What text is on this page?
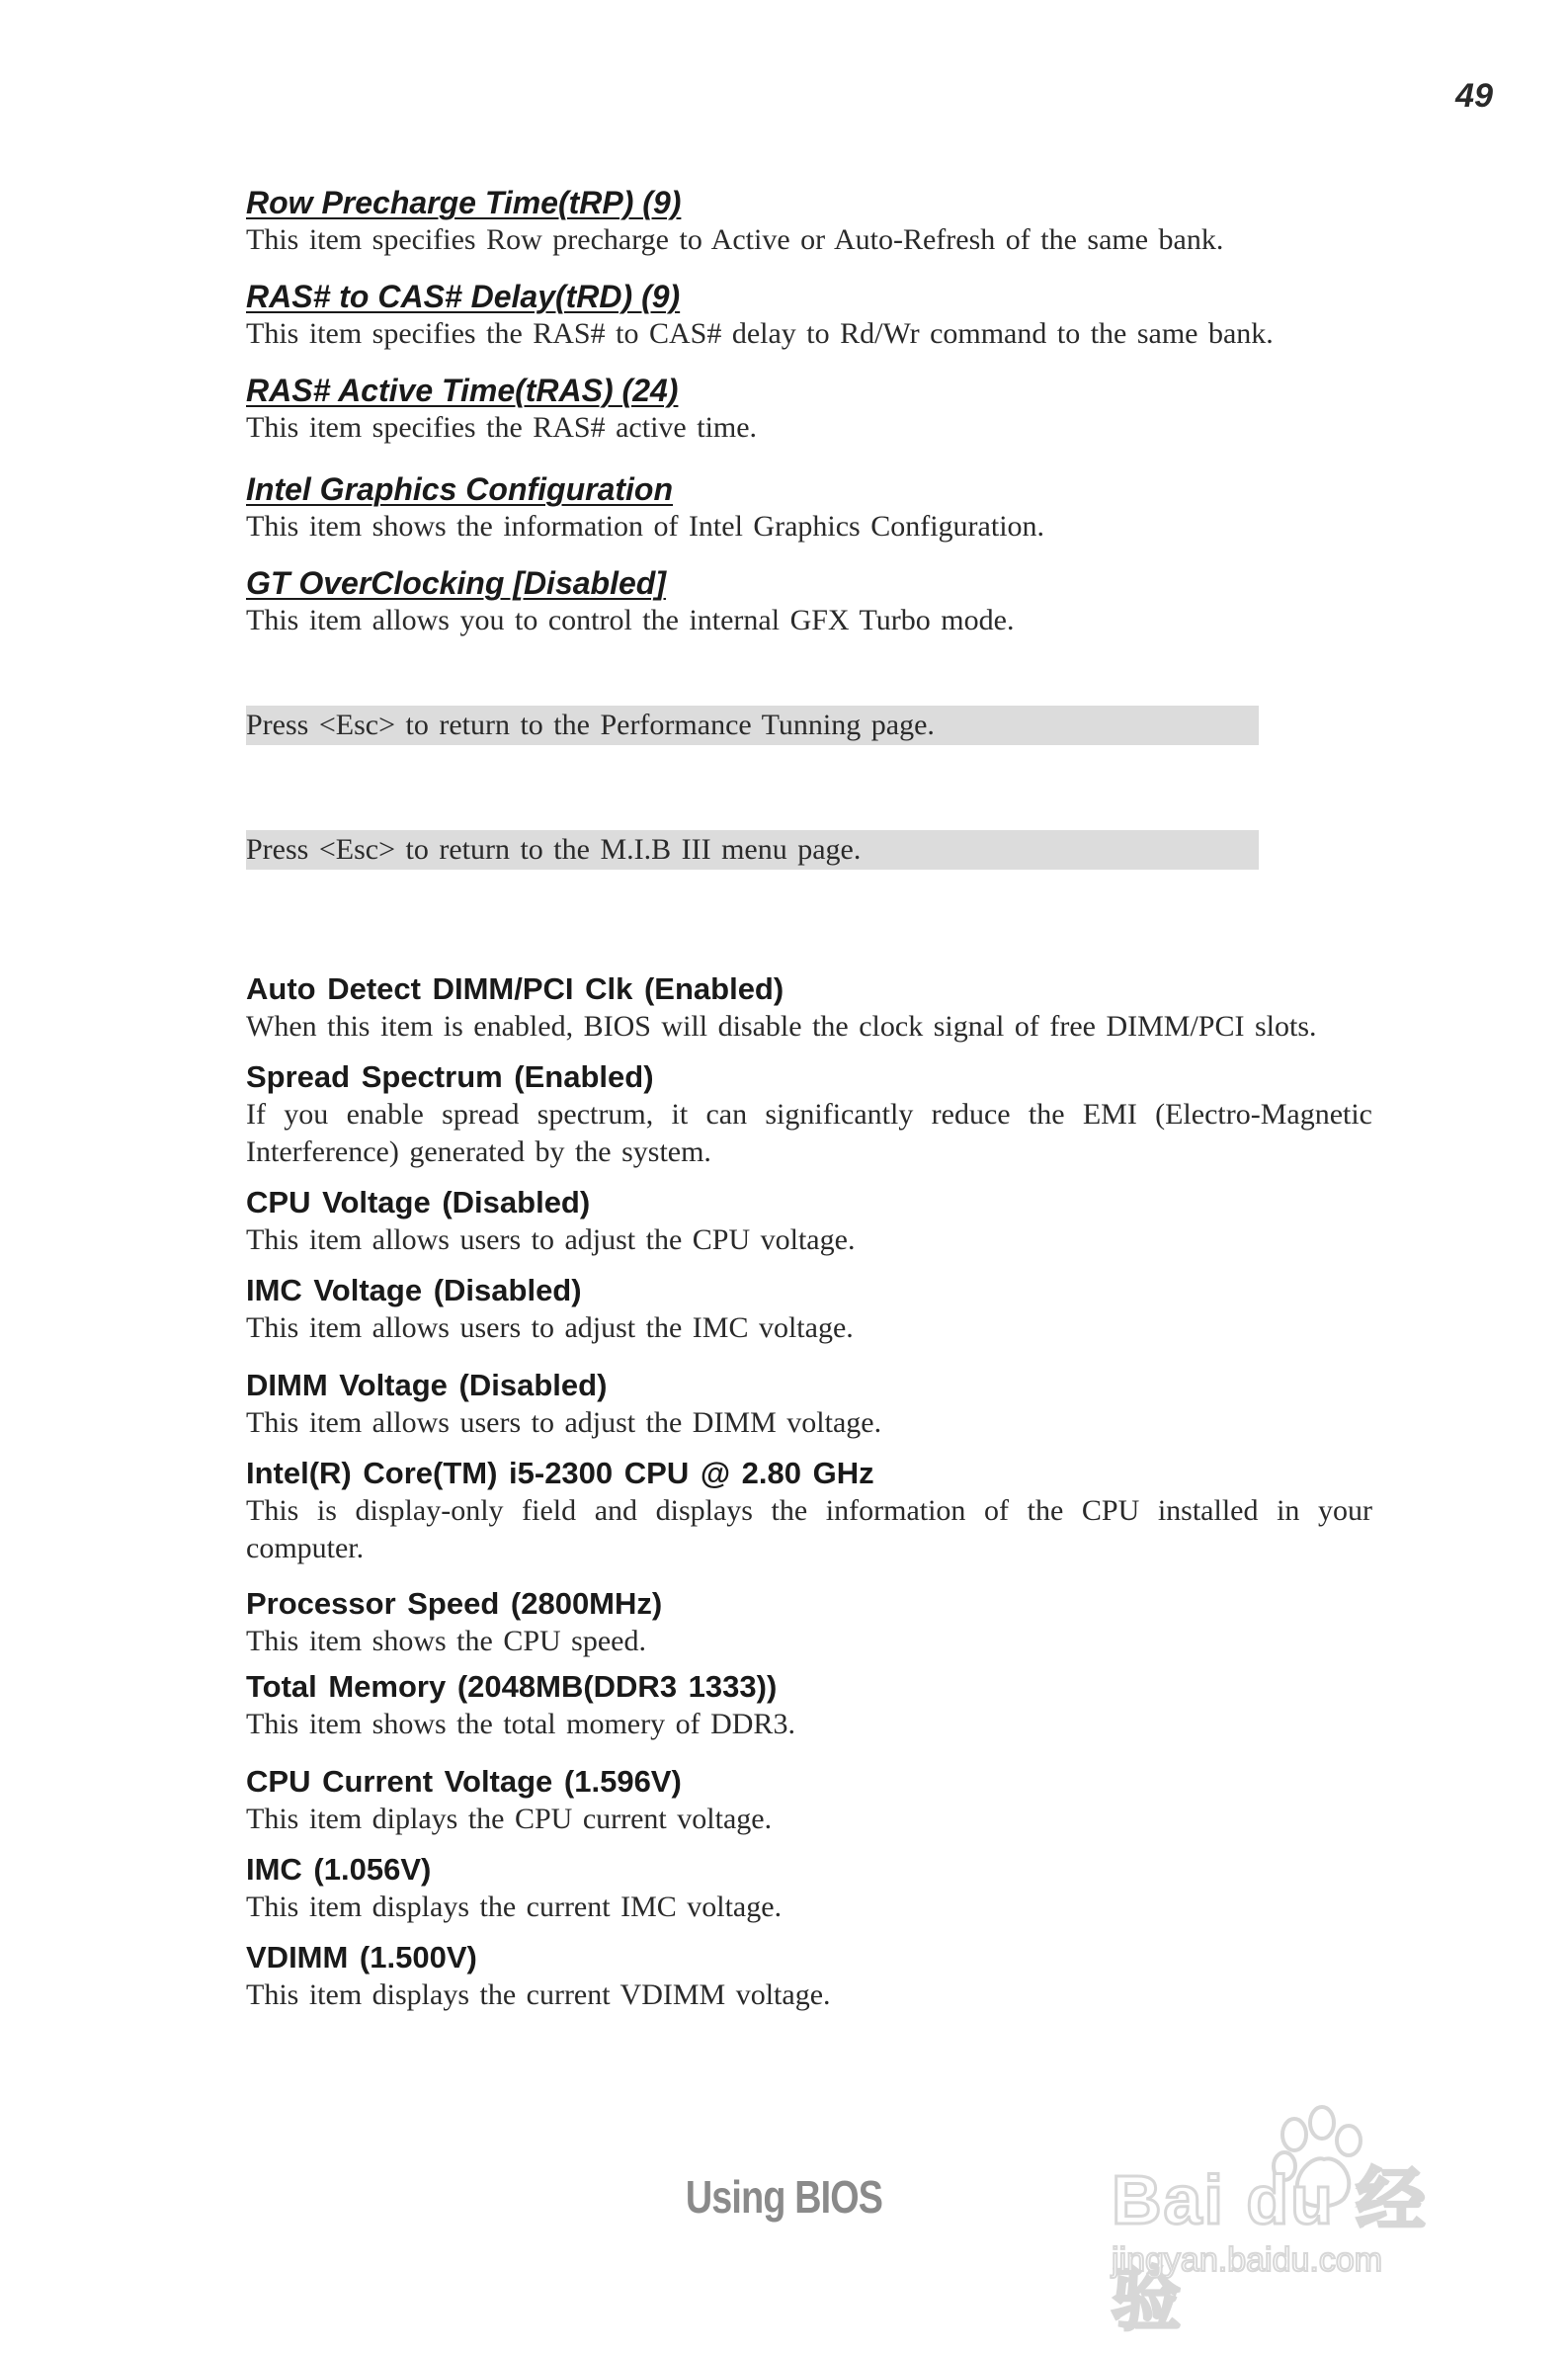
49
Row Precharge Time(tRP) (9)

This item specifies Row precharge to Active or Auto-Refresh of the same bank.

RAS# to CAS# Delay(tRD) (9)

This item specifies the RAS# to CAS# delay to Rd/Wr command to the same bank.

RAS# Active Time(tRAS) (24)

This item specifies the RAS# active time.

Intel Graphics Configuration

This item shows the information of Intel Graphics Configuration.

GT OverClocking [Disabled]

This item allows you to control the internal GFX Turbo mode.

Press <Esc> to return to the Performance Tunning page.
Press <Esc> to return to the M.I.B III menu page.
Auto Detect DIMM/PCI Clk (Enabled)

When this item is enabled, BIOS will disable the clock signal of free DIMM/PCI slots.

Spread Spectrum (Enabled)

If you enable spread spectrum, it can significantly reduce the EMI (Electro-Magnetic Interference) generated by the system.

CPU Voltage (Disabled)

This item allows users to adjust the CPU voltage.

IMC Voltage (Disabled)

This item allows users to adjust the IMC voltage.

DIMM Voltage (Disabled)

This item allows users to adjust the DIMM voltage.

Intel(R) Core(TM) i5-2300 CPU @ 2.80 GHz

This is display-only field and displays the information of the CPU installed in your computer.

Processor Speed (2800MHz)

This item shows the CPU speed.

Total Memory (2048MB(DDR3 1333))

This item shows the total momery of DDR3.

CPU Current Voltage (1.596V)

This item diplays the CPU current voltage.

IMC (1.056V)

This item displays the current IMC voltage.

VDIMM (1.500V)

This item displays the current VDIMM voltage.

Using BIOS	Bai du 经验
jingyan.baidu.com
